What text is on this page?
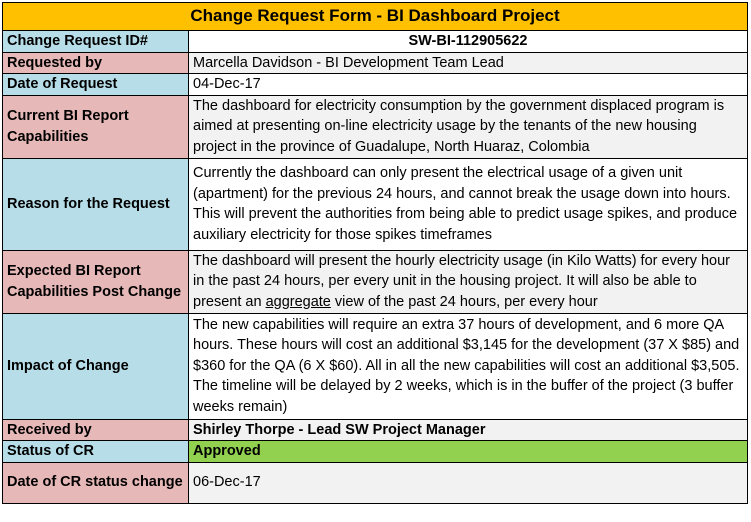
Change Request Form - BI Dashboard Project	
Change Request ID#	SW-BI-112905622
Requested by	Marcella Davidson - BI Development Team Lead
Date of Request	04-Dec-17
Current BI Report Capabilities	The dashboard for electricity consumption by the government displaced program is aimed at presenting on-line electricity usage by the tenants of the new housing project in the province of Guadalupe, North Huaraz, Colombia
Reason for the Request	Currently the dashboard can only present the electrical usage of a given unit (apartment) for the previous 24 hours, and cannot break the usage down into hours. This will prevent the authorities from being able to predict usage spikes, and produce auxiliary electricity for those spikes timeframes
Expected BI Report Capabilities Post Change	The dashboard will present the hourly electricity usage (in Kilo Watts) for every hour in the past 24 hours, per every unit in the housing project. It will also be able to present an aggregate view of the past 24 hours, per every hour
Impact of Change	The new capabilities will require an extra 37 hours of development, and 6 more QA hours. These hours will cost an additional $3,145 for the development (37 X $85) and $360 for the QA (6 X $60). All in all the new capabilities will cost an additional $3,505. The timeline will be delayed by 2 weeks, which is in the buffer of the project (3 buffer weeks remain)
Received by	Shirley Thorpe - Lead SW Project Manager
Status of CR	Approved
Date of CR status change	06-Dec-17
